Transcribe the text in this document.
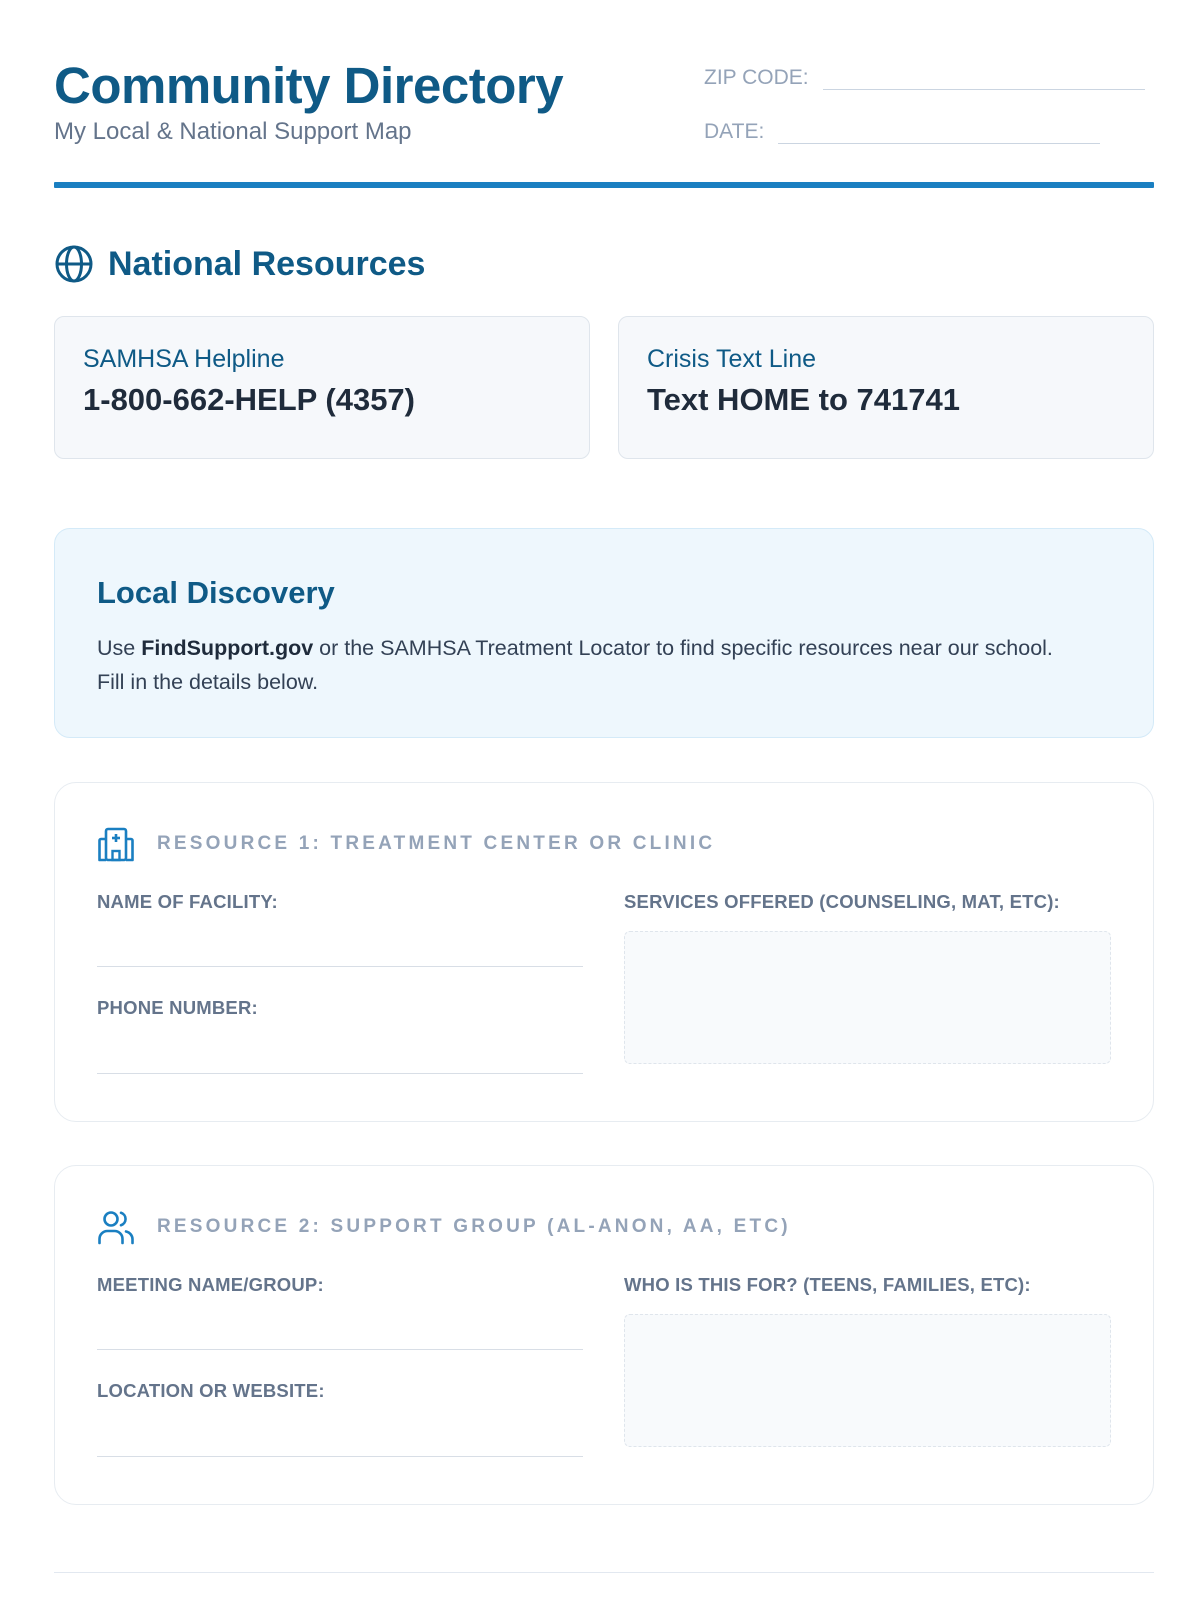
Community Directory
My Local & National Support Map
ZIP CODE:
DATE:
National Resources
SAMHSA Helpline
1-800-662-HELP (4357)
Crisis Text Line
Text HOME to 741741
Local Discovery
Use FindSupport.gov or the SAMHSA Treatment Locator to find specific resources near our school. Fill in the details below.
RESOURCE 1: TREATMENT CENTER OR CLINIC
NAME OF FACILITY:
PHONE NUMBER:
SERVICES OFFERED (COUNSELING, MAT, ETC):
RESOURCE 2: SUPPORT GROUP (AL-ANON, AA, ETC)
MEETING NAME/GROUP:
LOCATION OR WEBSITE:
WHO IS THIS FOR? (TEENS, FAMILIES, ETC):
